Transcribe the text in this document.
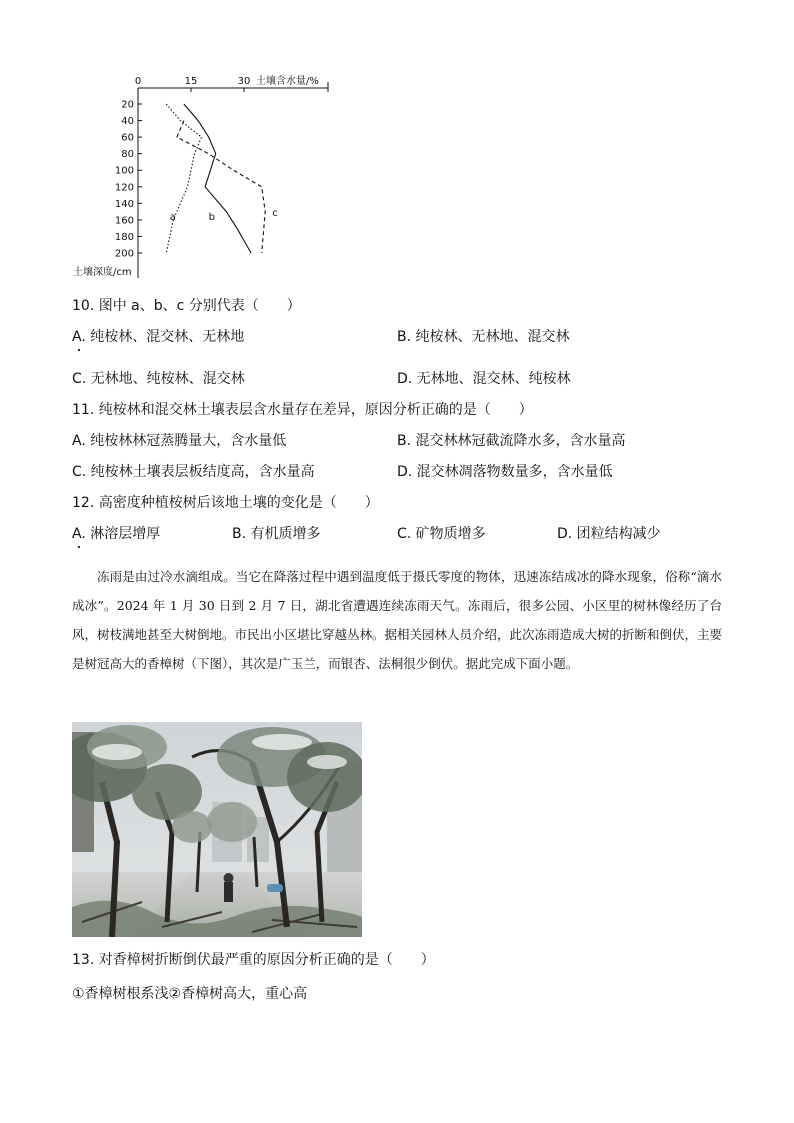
0	15	30
20
40
60
80
100
120
140
160
180
200
a	b	c
土壤含水量/%
土壤深度/cm
10. 图中 a、b、c 分别代表（　　）
A. 纯桉林、混交林、无林地	B. 纯桉林、无林地、混交林
C. 无林地、纯桉林、混交林	D. 无林地、混交林、纯桉林
11. 纯桉林和混交林土壤表层含水量存在差异，原因分析正确的是（　　）
A. 纯桉林林冠蒸腾量大，含水量低	B. 混交林林冠截流降水多，含水量高
C. 纯桉林土壤表层板结度高，含水量高	D. 混交林凋落物数量多，含水量低
12. 高密度种植桉树后该地土壤的变化是（　　）
A. 淋溶层增厚	B. 有机质增多	C. 矿物质增多	D. 团粒结构减少

冻雨是由过冷水滴组成。当它在降落过程中遇到温度低于摄氏零度的物体，迅速冻结成冰的降水现象，俗称“滴水成冰”。2024 年 1 月 30 日到 2 月 7 日，湖北省遭遇连续冻雨天气。冻雨后，很多公园、小区里的树林像经历了台风，树枝满地甚至大树倒地。市民出小区堪比穿越丛林。据相关园林人员介绍，此次冻雨造成大树的折断和倒伏，主要是树冠高大的香樟树（下图），其次是广玉兰，而银杏、法桐很少倒伏。据此完成下面小题。

13. 对香樟树折断倒伏最严重的原因分析正确的是（　　）
①香樟树根系浅②香樟树高大，重心高
